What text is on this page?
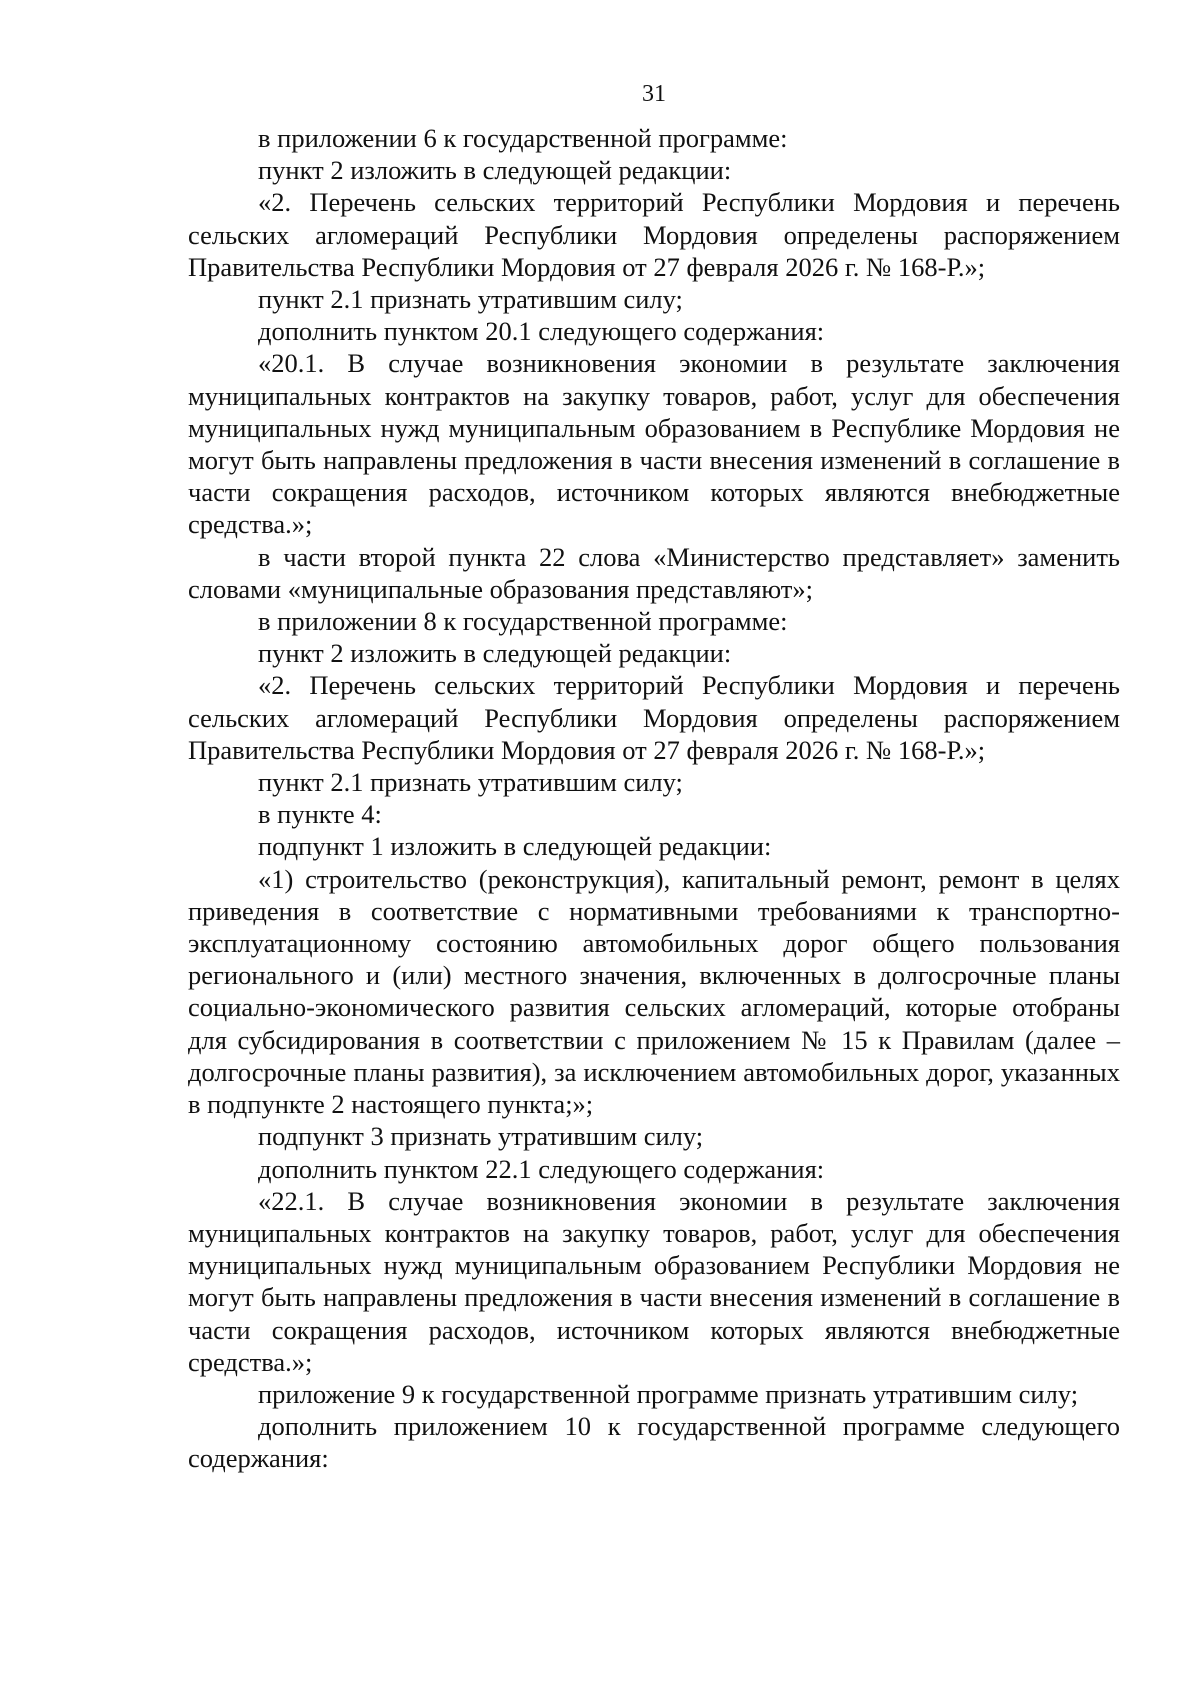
31

в приложении 6 к государственной программе:

пункт 2 изложить в следующей редакции:

«2. Перечень сельских территорий Республики Мордовия и перечень сельских агломераций Республики Мордовия определены распоряжением Правительства Республики Мордовия от 27 февраля 2026 г. № 168-Р.»;

пункт 2.1 признать утратившим силу;

дополнить пунктом 20.1 следующего содержания:

«20.1. В случае возникновения экономии в результате заключения муниципальных контрактов на закупку товаров, работ, услуг для обеспечения муниципальных нужд муниципальным образованием в Республике Мордовия не могут быть направлены предложения в части внесения изменений в соглашение в части сокращения расходов, источником которых являются внебюджетные средства.»;

в части второй пункта 22 слова «Министерство представляет» заменить словами «муниципальные образования представляют»;

в приложении 8 к государственной программе:

пункт 2 изложить в следующей редакции:

«2. Перечень сельских территорий Республики Мордовия и перечень сельских агломераций Республики Мордовия определены распоряжением Правительства Республики Мордовия от 27 февраля 2026 г. № 168-Р.»;

пункт 2.1 признать утратившим силу;

в пункте 4:

подпункт 1 изложить в следующей редакции:

«1) строительство (реконструкция), капитальный ремонт, ремонт в целях приведения в соответствие с нормативными требованиями к транспортно-эксплуатационному состоянию автомобильных дорог общего пользования регионального и (или) местного значения, включенных в долгосрочные планы социально-экономического развития сельских агломераций, которые отобраны для субсидирования в соответствии с приложением № 15 к Правилам (далее – долгосрочные планы развития), за исключением автомобильных дорог, указанных в подпункте 2 настоящего пункта;»;

подпункт 3 признать утратившим силу;

дополнить пунктом 22.1 следующего содержания:

«22.1. В случае возникновения экономии в результате заключения муниципальных контрактов на закупку товаров, работ, услуг для обеспечения муниципальных нужд муниципальным образованием Республики Мордовия не могут быть направлены предложения в части внесения изменений в соглашение в части сокращения расходов, источником которых являются внебюджетные средства.»;

приложение 9 к государственной программе признать утратившим силу;

дополнить приложением 10 к государственной программе следующего содержания:
